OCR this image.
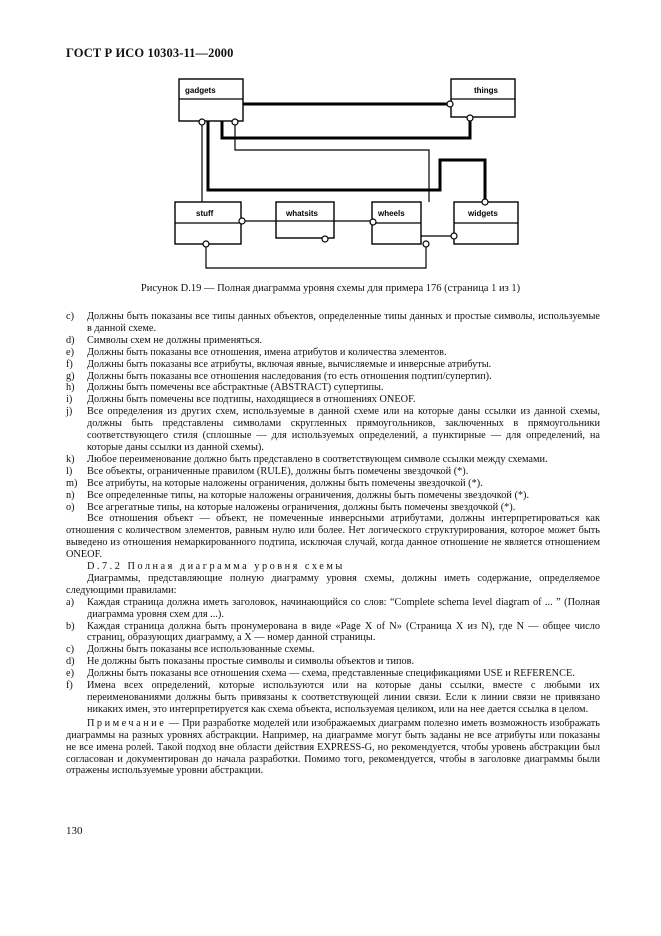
ГОСТ Р ИСО 10303-11—2000
gadgets	things
stuff	whatsits	wheels	widgets
Рисунок D.19 — Полная диаграмма уровня схемы для примера 176 (страница 1 из 1)
c)	Должны быть показаны все типы данных объектов, определенные типы данных и простые символы, используемые в данной схеме.
d)	Символы схем не должны применяться.
e)	Должны быть показаны все отношения, имена атрибутов и количества элементов.
f)	Должны быть показаны все атрибуты, включая явные, вычисляемые и инверсные атрибуты.
g)	Должны быть показаны все отношения наследования (то есть отношения подтип/супертип).
h)	Должны быть помечены все абстрактные (ABSTRACT) супертипы.
i)	Должны быть помечены все подтипы, находящиеся в отношениях ONEOF.
j)	Все определения из других схем, используемые в данной схеме или на которые даны ссылки из данной схемы, должны быть представлены символами скругленных прямоугольников, заключенных в прямоугольники соответствующего стиля (сплошные — для используемых определений, а пунктирные — для определений, на которые даны ссылки из данной схемы).
k)	Любое переименование должно быть представлено в соответствующем символе ссылки между схемами.
l)	Все объекты, ограниченные правилом (RULE), должны быть помечены звездочкой (*).
m) Все атрибуты, на которые наложены ограничения, должны быть помечены звездочкой (*).
n)	Все определенные типы, на которые наложены ограничения, должны быть помечены звездочкой (*).
o)	Все агрегатные типы, на которые наложены ограничения, должны быть помечены звездочкой (*).

Все отношения объект — объект, не помеченные инверсными атрибутами, должны интерпретироваться как отношения с количеством элементов, равным нулю или более. Нет логического структурирования, которое может быть выведено из отношения немаркированного подтипа, исключая случай, когда данное отношение не является отношением ONEOF.

D.7.2 Полная диаграмма уровня схемы

Диаграммы, представляющие полную диаграмму уровня схемы, должны иметь содержание, определяемое следующими правилами:

a)	Каждая страница должна иметь заголовок, начинающийся со слов: “Complete schema level diagram of ... ” (Полная диаграмма уровня схем для ...).
b)	Каждая страница должна быть пронумерована в виде «Page X of N» (Страница X из N), где N — общее число страниц, образующих диаграмму, а X — номер данной страницы.
c)	Должны быть показаны все использованные схемы.
d)	Не должны быть показаны простые символы и символы объектов и типов.
e)	Должны быть показаны все отношения схема — схема, представленные спецификациями USE и REFERENCE.
f)	Имена всех определений, которые используются или на которые даны ссылки, вместе с любыми их переименованиями должны быть привязаны к соответствующей линии связи. Если к линии связи не привязано никаких имен, это интерпретируется как схема объекта, используемая целиком, или на нее дается ссылка в целом.

Примечание — При разработке моделей или изображаемых диаграмм полезно иметь возможность изображать диаграммы на разных уровнях абстракции. Например, на диаграмме могут быть заданы не все атрибуты или показаны не все имена ролей. Такой подход вне области действия EXPRESS-G, но рекомендуется, чтобы уровень абстракции был согласован и документирован до начала разработки. Помимо того, рекомендуется, чтобы в заголовке диаграммы были отражены используемые уровни абстракции.

130
